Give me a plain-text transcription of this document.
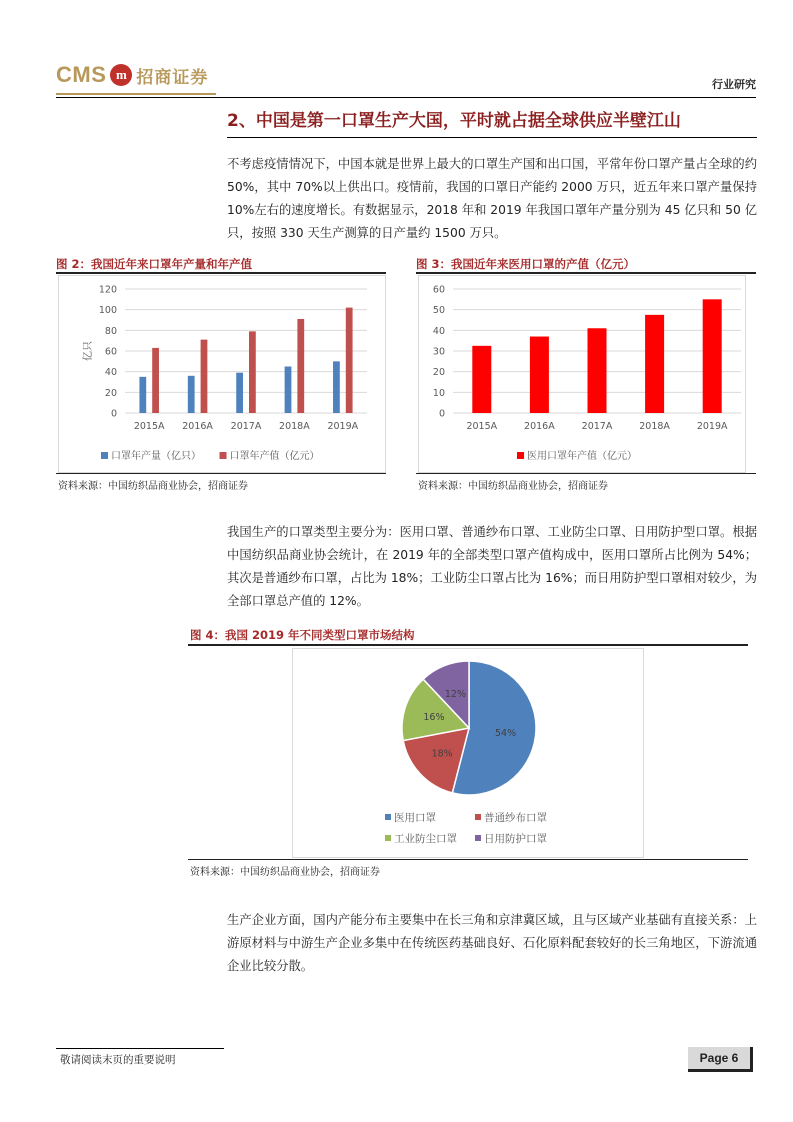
CMS m 招商证券	行业研究
2、中国是第一口罩生产大国，平时就占据全球供应半壁江山
不考虑疫情情况下，中国本就是世界上最大的口罩生产国和出口国，平常年份口罩产量占全球的约 50%，其中 70%以上供出口。疫情前，我国的口罩日产能约 2000 万只，近五年来口罩产量保持 10%左右的速度增长。有数据显示，2018 年和 2019 年我国口罩年产量分别为 45 亿只和 50 亿只，按照 330 天生产测算的日产量约 1500 万只。
图 2：我国近年来口罩年产量和年产值
0
20
40
60
80
100
120
2015A 2016A 2017A 2018A 2019A
亿只
口罩年产量（亿只）	口罩年产值（亿元）
资料来源：中国纺织品商业协会，招商证券
图 3：我国近年来医用口罩的产值（亿元）
0
10
20
30
40
50
60
2015A	2016A	2017A	2018A	2019A
医用口罩年产值（亿元）
资料来源：中国纺织品商业协会，招商证券
我国生产的口罩类型主要分为：医用口罩、普通纱布口罩、工业防尘口罩、日用防护型口罩。根据中国纺织品商业协会统计，在 2019 年的全部类型口罩产值构成中，医用口罩所占比例为 54%；其次是普通纱布口罩，占比为 18%；工业防尘口罩占比为 16%；而日用防护型口罩相对较少，为全部口罩总产值的 12%。
图 4：我国 2019 年不同类型口罩市场结构
54%
18%
16%
12%
医用口罩	普通纱布口罩
工业防尘口罩	日用防护口罩
资料来源：中国纺织品商业协会，招商证券
生产企业方面，国内产能分布主要集中在长三角和京津冀区域，且与区域产业基础有直接关系：上游原材料与中游生产企业多集中在传统医药基础良好、石化原料配套较好的长三角地区，下游流通企业比较分散。
敬请阅读末页的重要说明	Page 6
